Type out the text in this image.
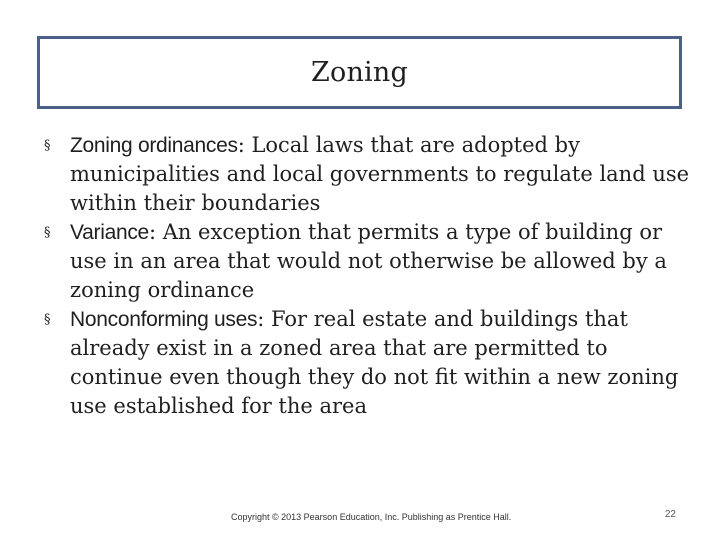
Zoning
§ Zoning ordinances: Local laws that are adopted by municipalities and local governments to regulate land use within their boundaries
§ Variance: An exception that permits a type of building or use in an area that would not otherwise be allowed by a zoning ordinance
§ Nonconforming uses: For real estate and buildings that already exist in a zoned area that are permitted to continue even though they do not fit within a new zoning use established for the area
Copyright © 2013 Pearson Education, Inc. Publishing as Prentice Hall.	22
